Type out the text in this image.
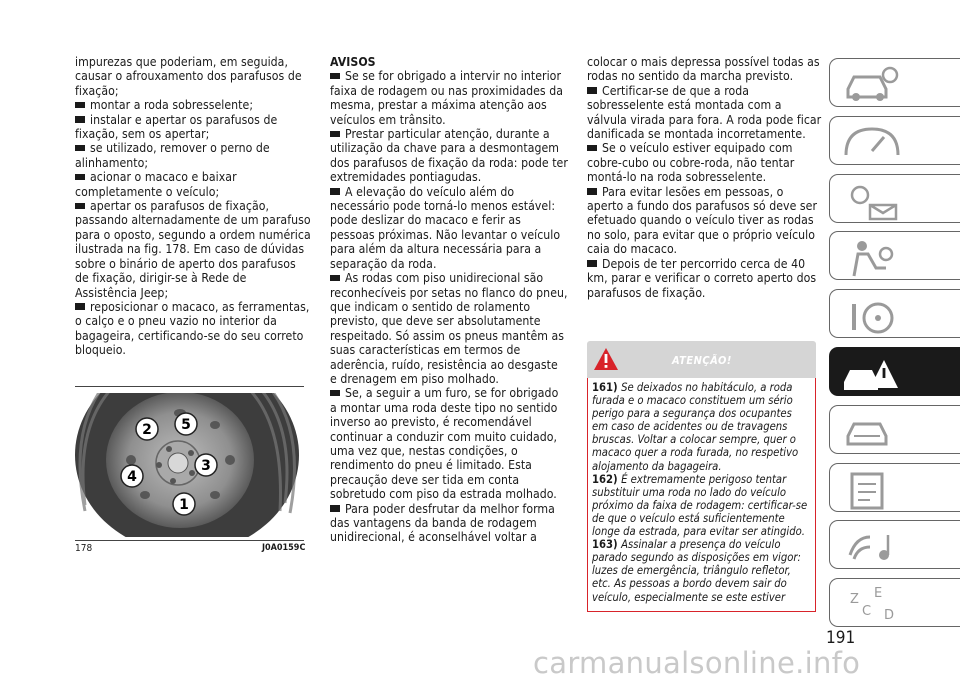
impurezas que poderiam, em seguida, causar o afrouxamento dos parafusos de fixação;

montar a roda sobresselente;

instalar e apertar os parafusos de fixação, sem os apertar;

se utilizado, remover o perno de alinhamento;

acionar o macaco e baixar completamente o veículo;

apertar os parafusos de fixação, passando alternadamente de um parafuso para o oposto, segundo a ordem numérica ilustrada na fig. 178. Em caso de dúvidas sobre o binário de aperto dos parafusos de fixação, dirigir-se à Rede de Assistência Jeep;

reposicionar o macaco, as ferramentas, o calço e o pneu vazio no interior da bagageira, certificando-se do seu correto bloqueio.

1
2
3
4
5
178	J0A0159C

AVISOS

Se se for obrigado a intervir no interior faixa de rodagem ou nas proximidades da mesma, prestar a máxima atenção aos veículos em trânsito.

Prestar particular atenção, durante a utilização da chave para a desmontagem dos parafusos de fixação da roda: pode ter extremidades pontiagudas.

A elevação do veículo além do necessário pode torná-lo menos estável: pode deslizar do macaco e ferir as pessoas próximas. Não levantar o veículo para além da altura necessária para a separação da roda.

As rodas com piso unidirecional são reconhecíveis por setas no flanco do pneu, que indicam o sentido de rolamento previsto, que deve ser absolutamente respeitado. Só assim os pneus mantêm as suas características em termos de aderência, ruído, resistência ao desgaste e drenagem em piso molhado.

Se, a seguir a um furo, se for obrigado a montar uma roda deste tipo no sentido inverso ao previsto, é recomendável continuar a conduzir com muito cuidado, uma vez que, nestas condições, o rendimento do pneu é limitado. Esta precaução deve ser tida em conta sobretudo com piso da estrada molhado.

Para poder desfrutar da melhor forma das vantagens da banda de rodagem unidirecional, é aconselhável voltar a

colocar o mais depressa possível todas as rodas no sentido da marcha previsto.

Certificar-se de que a roda sobresselente está montada com a válvula virada para fora. A roda pode ficar danificada se montada incorretamente.

Se o veículo estiver equipado com cobre-cubo ou cobre-roda, não tentar montá-lo na roda sobresselente.

Para evitar lesões em pessoas, o aperto a fundo dos parafusos só deve ser efetuado quando o veículo tiver as rodas no solo, para evitar que o próprio veículo caia do macaco.

Depois de ter percorrido cerca de 40 km, parar e verificar o correto aperto dos parafusos de fixação.

ATENÇÃO!

161) Se deixados no habitáculo, a roda furada e o macaco constituem um sério perigo para a segurança dos ocupantes em caso de acidentes ou de travagens bruscas. Voltar a colocar sempre, quer o macaco quer a roda furada, no respetivo alojamento da bagageira.

162) É extremamente perigoso tentar substituir uma roda no lado do veículo próximo da faixa de rodagem: certificar-se de que o veículo está suficientemente longe da estrada, para evitar ser atingido.

163) Assinalar a presença do veículo parado segundo as disposições em vigor: luzes de emergência, triângulo refletor, etc. As pessoas a bordo devem sair do veículo, especialmente se este estiver	Z E
C D
191
carmanualsonline.info
